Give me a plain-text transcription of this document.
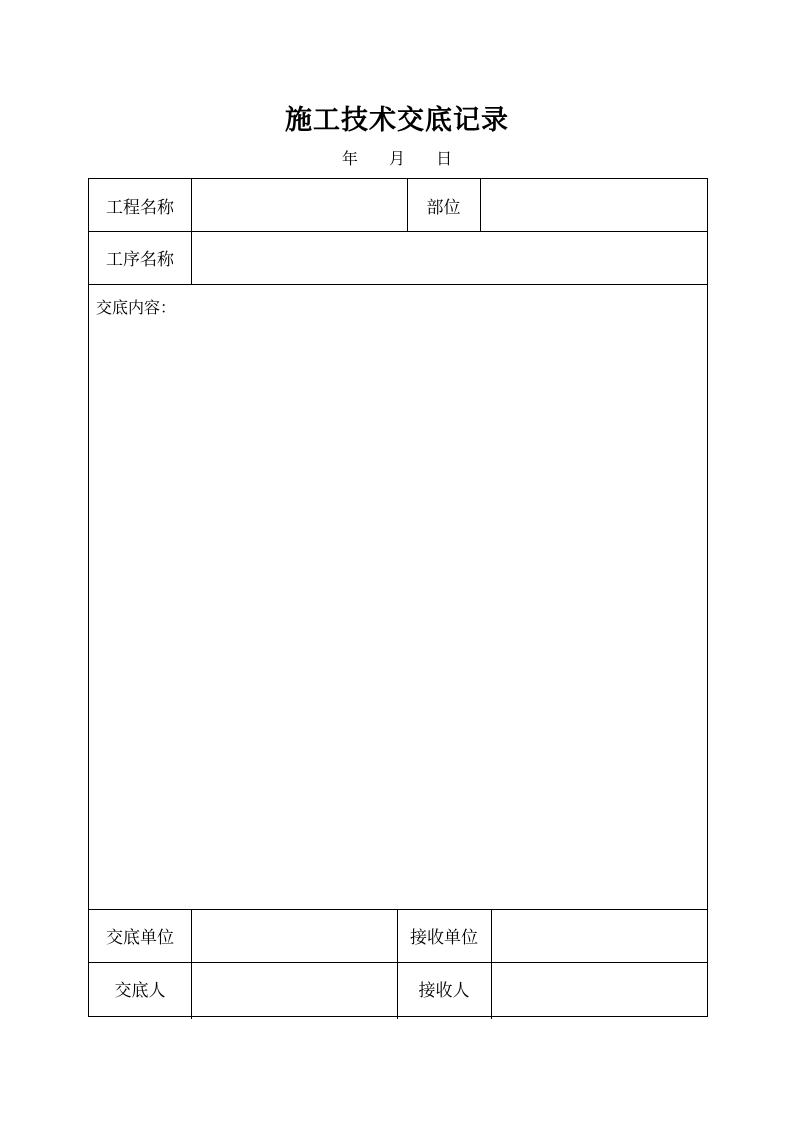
施工技术交底记录
年 月 日
工程名称	部位
工序名称
交底内容：
交底单位	接收单位
交底人	接收人
